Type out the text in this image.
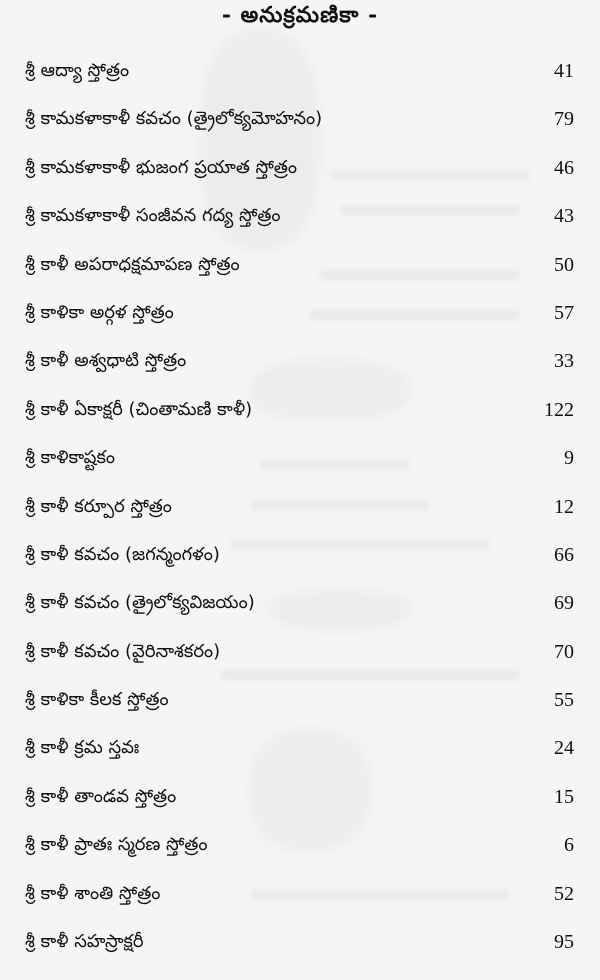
- అనుక్రమణికా -
శ్రీ ఆద్యా స్తోత్రం	41
శ్రీ కామకళాకాళీ కవచం (త్రైలోక్యమోహనం)	79
శ్రీ కామకళాకాళీ భుజంగ ప్రయాత స్తోత్రం	46
శ్రీ కామకళాకాళీ సంజీవన గద్య స్తోత్రం	43
శ్రీ కాళీ అపరాధక్షమాపణ స్తోత్రం	50
శ్రీ కాళికా అర్గళ స్తోత్రం	57
శ్రీ కాళీ అశ్వధాటి స్తోత్రం	33
శ్రీ కాళీ ఏకాక్షరీ (చింతామణి కాళీ)	122
శ్రీ కాళికాష్టకం	9
శ్రీ కాళీ కర్పూర స్తోత్రం	12
శ్రీ కాళీ కవచం (జగన్మంగళం)	66
శ్రీ కాళీ కవచం (త్రైలోక్యవిజయం)	69
శ్రీ కాళీ కవచం (వైరినాశకరం)	70
శ్రీ కాళికా కీలక స్తోత్రం	55
శ్రీ కాళీ క్రమ స్తవః	24
శ్రీ కాళీ తాండవ స్తోత్రం	15
శ్రీ కాళీ ప్రాతః స్మరణ స్తోత్రం	6
శ్రీ కాళీ శాంతి స్తోత్రం	52
శ్రీ కాళీ సహస్రాక్షరీ	95
